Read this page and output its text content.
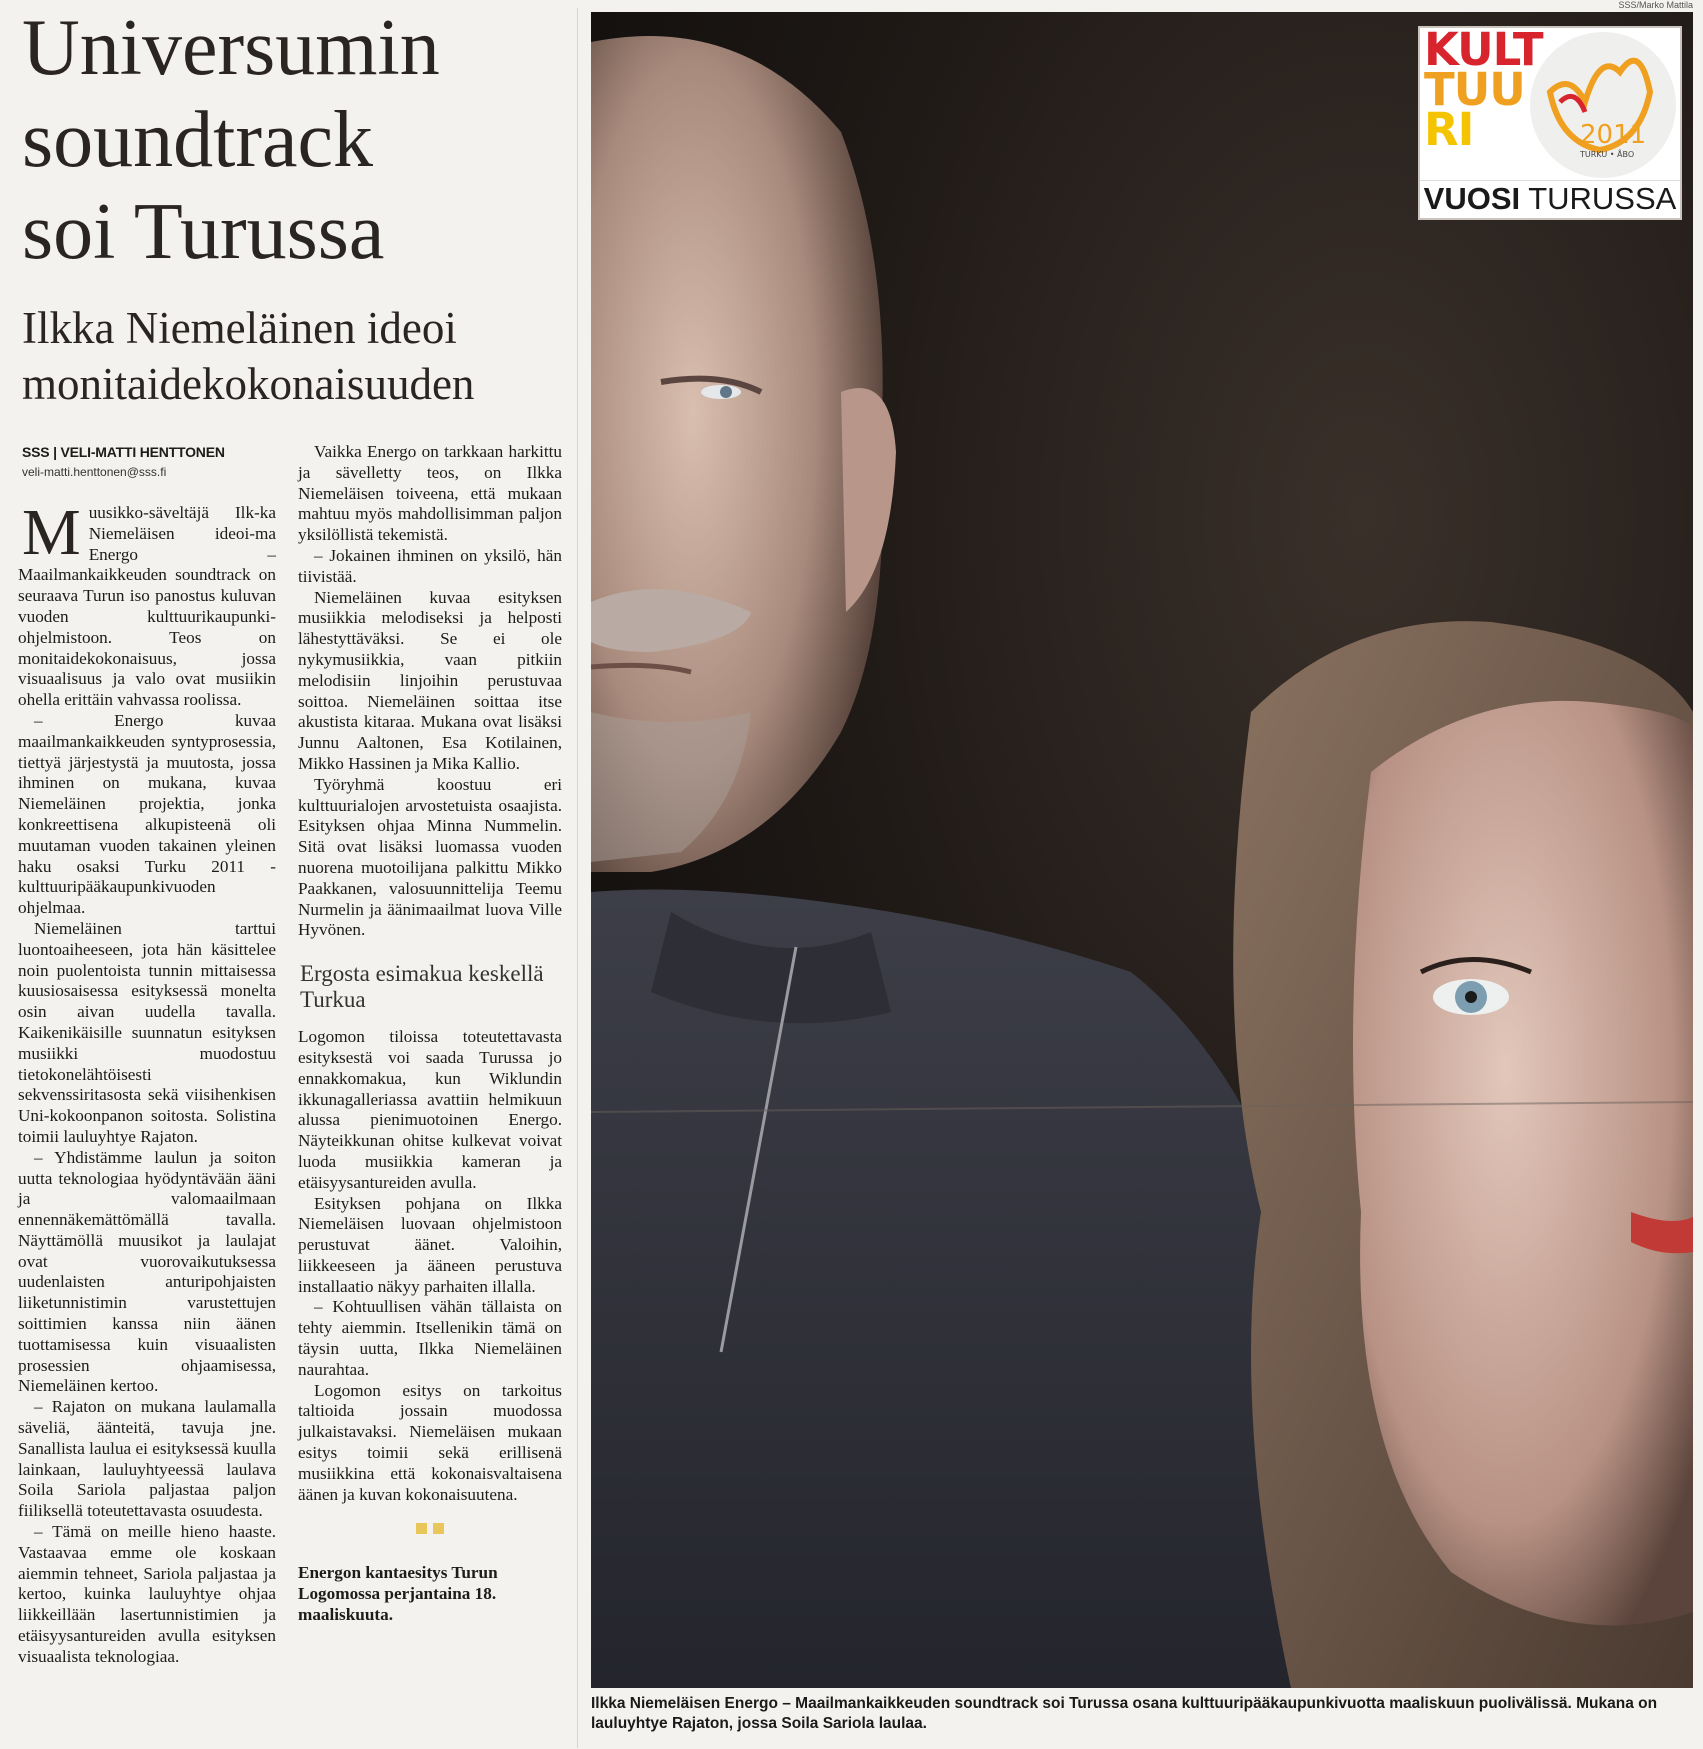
Universumin
soundtrack
soi Turussa
Ilkka Niemeläinen ideoi
monitaidekokonaisuuden
SSS | VELI-MATTI HENTTONEN
veli-matti.henttonen@sss.fi

Muusikko-säveltäjä Ilk-ka Niemeläisen ideoi-ma Energo – Maailmankaikkeuden soundtrack on seuraava Turun iso panostus kuluvan vuoden kulttuurikaupunki-ohjelmistoon. Teos on monitaidekokonaisuus, jossa visuaalisuus ja valo ovat musiikin ohella erittäin vahvassa roolissa.

– Energo kuvaa maailmankaikkeuden syntyprosessia, tiettyä järjestystä ja muutosta, jossa ihminen on mukana, kuvaa Niemeläinen projektia, jonka konkreettisena alkupisteenä oli muutaman vuoden takainen yleinen haku osaksi Turku 2011 -kulttuuripääkaupunkivuoden ohjelmaa.

Niemeläinen tarttui luontoaiheeseen, jota hän käsittelee noin puolentoista tunnin mittaisessa kuusiosaisessa esityksessä monelta osin aivan uudella tavalla. Kaikenikäisille suunnatun esityksen musiikki muodostuu tietokonelähtöisesti sekvenssiritasosta sekä viisihenkisen Uni-kokoonpanon soitosta. Solistina toimii lauluyhtye Rajaton.

– Yhdistämme laulun ja soiton uutta teknologiaa hyödyntävään ääni ja valomaailmaan ennennäkemättömällä tavalla. Näyttämöllä muusikot ja laulajat ovat vuorovaikutuksessa uudenlaisten anturipohjaisten liiketunnistimin varustettujen soittimien kanssa niin äänen tuottamisessa kuin visuaalisten prosessien ohjaamisessa, Niemeläinen kertoo.

– Rajaton on mukana laulamalla säveliä, äänteitä, tavuja jne. Sanallista laulua ei esityksessä kuulla lainkaan, lauluyhtyeessä laulava Soila Sariola paljastaa paljon fiiliksellä toteutettavasta osuudesta.

– Tämä on meille hieno haaste. Vastaavaa emme ole koskaan aiemmin tehneet, Sariola paljastaa ja kertoo, kuinka lauluyhtye ohjaa liikkeillään lasertunnistimien ja etäisyysantureiden avulla esityksen visuaalista teknologiaa.

Vaikka Energo on tarkkaan harkittu ja sävelletty teos, on Ilkka Niemeläisen toiveena, että mukaan mahtuu myös mahdollisimman paljon yksilöllistä tekemistä.

– Jokainen ihminen on yksilö, hän tiivistää.

Niemeläinen kuvaa esityksen musiikkia melodiseksi ja helposti lähestyttäväksi. Se ei ole nykymusiikkia, vaan pitkiin melodisiin linjoihin perustuvaa soittoa. Niemeläinen soittaa itse akustista kitaraa. Mukana ovat lisäksi Junnu Aaltonen, Esa Kotilainen, Mikko Hassinen ja Mika Kallio.

Työryhmä koostuu eri kulttuurialojen arvostetuista osaajista. Esityksen ohjaa Minna Nummelin. Sitä ovat lisäksi luomassa vuoden nuorena muotoilijana palkittu Mikko Paakkanen, valosuunnittelija Teemu Nurmelin ja äänimaailmat luova Ville Hyvönen.

Ergosta esimakua keskellä Turkua

Logomon tiloissa toteutettavasta esityksestä voi saada Turussa jo ennakkomakua, kun Wiklundin ikkunagalleriassa avattiin helmikuun alussa pienimuotoinen Energo. Näyteikkunan ohitse kulkevat voivat luoda musiikkia kameran ja etäisyysantureiden avulla.

Esityksen pohjana on Ilkka Niemeläisen luovaan ohjelmistoon perustuvat äänet. Valoihin, liikkeeseen ja ääneen perustuva installaatio näkyy parhaiten illalla.

– Kohtuullisen vähän tällaista on tehty aiemmin. Itsellenikin tämä on täysin uutta, Ilkka Niemeläinen naurahtaa.

Logomon esitys on tarkoitus taltioida jossain muodossa julkaistavaksi. Niemeläisen mukaan esitys toimii sekä erillisenä musiikkina että kokonaisvaltaisena äänen ja kuvan kokonaisuutena.

Energon kantaesitys Turun Logomossa perjantaina 18. maaliskuuta.

SSS/Marko Mattila
KULT
TUU
RI	2011
TURKU • ÅBO
VUOSI TURUSSA
Ilkka Niemeläisen Energo – Maailmankaikkeuden soundtrack soi Turussa osana kulttuuripääkaupunkivuotta maaliskuun puolivälissä. Mukana on lauluyhtye Rajaton, jossa Soila Sariola laulaa.
